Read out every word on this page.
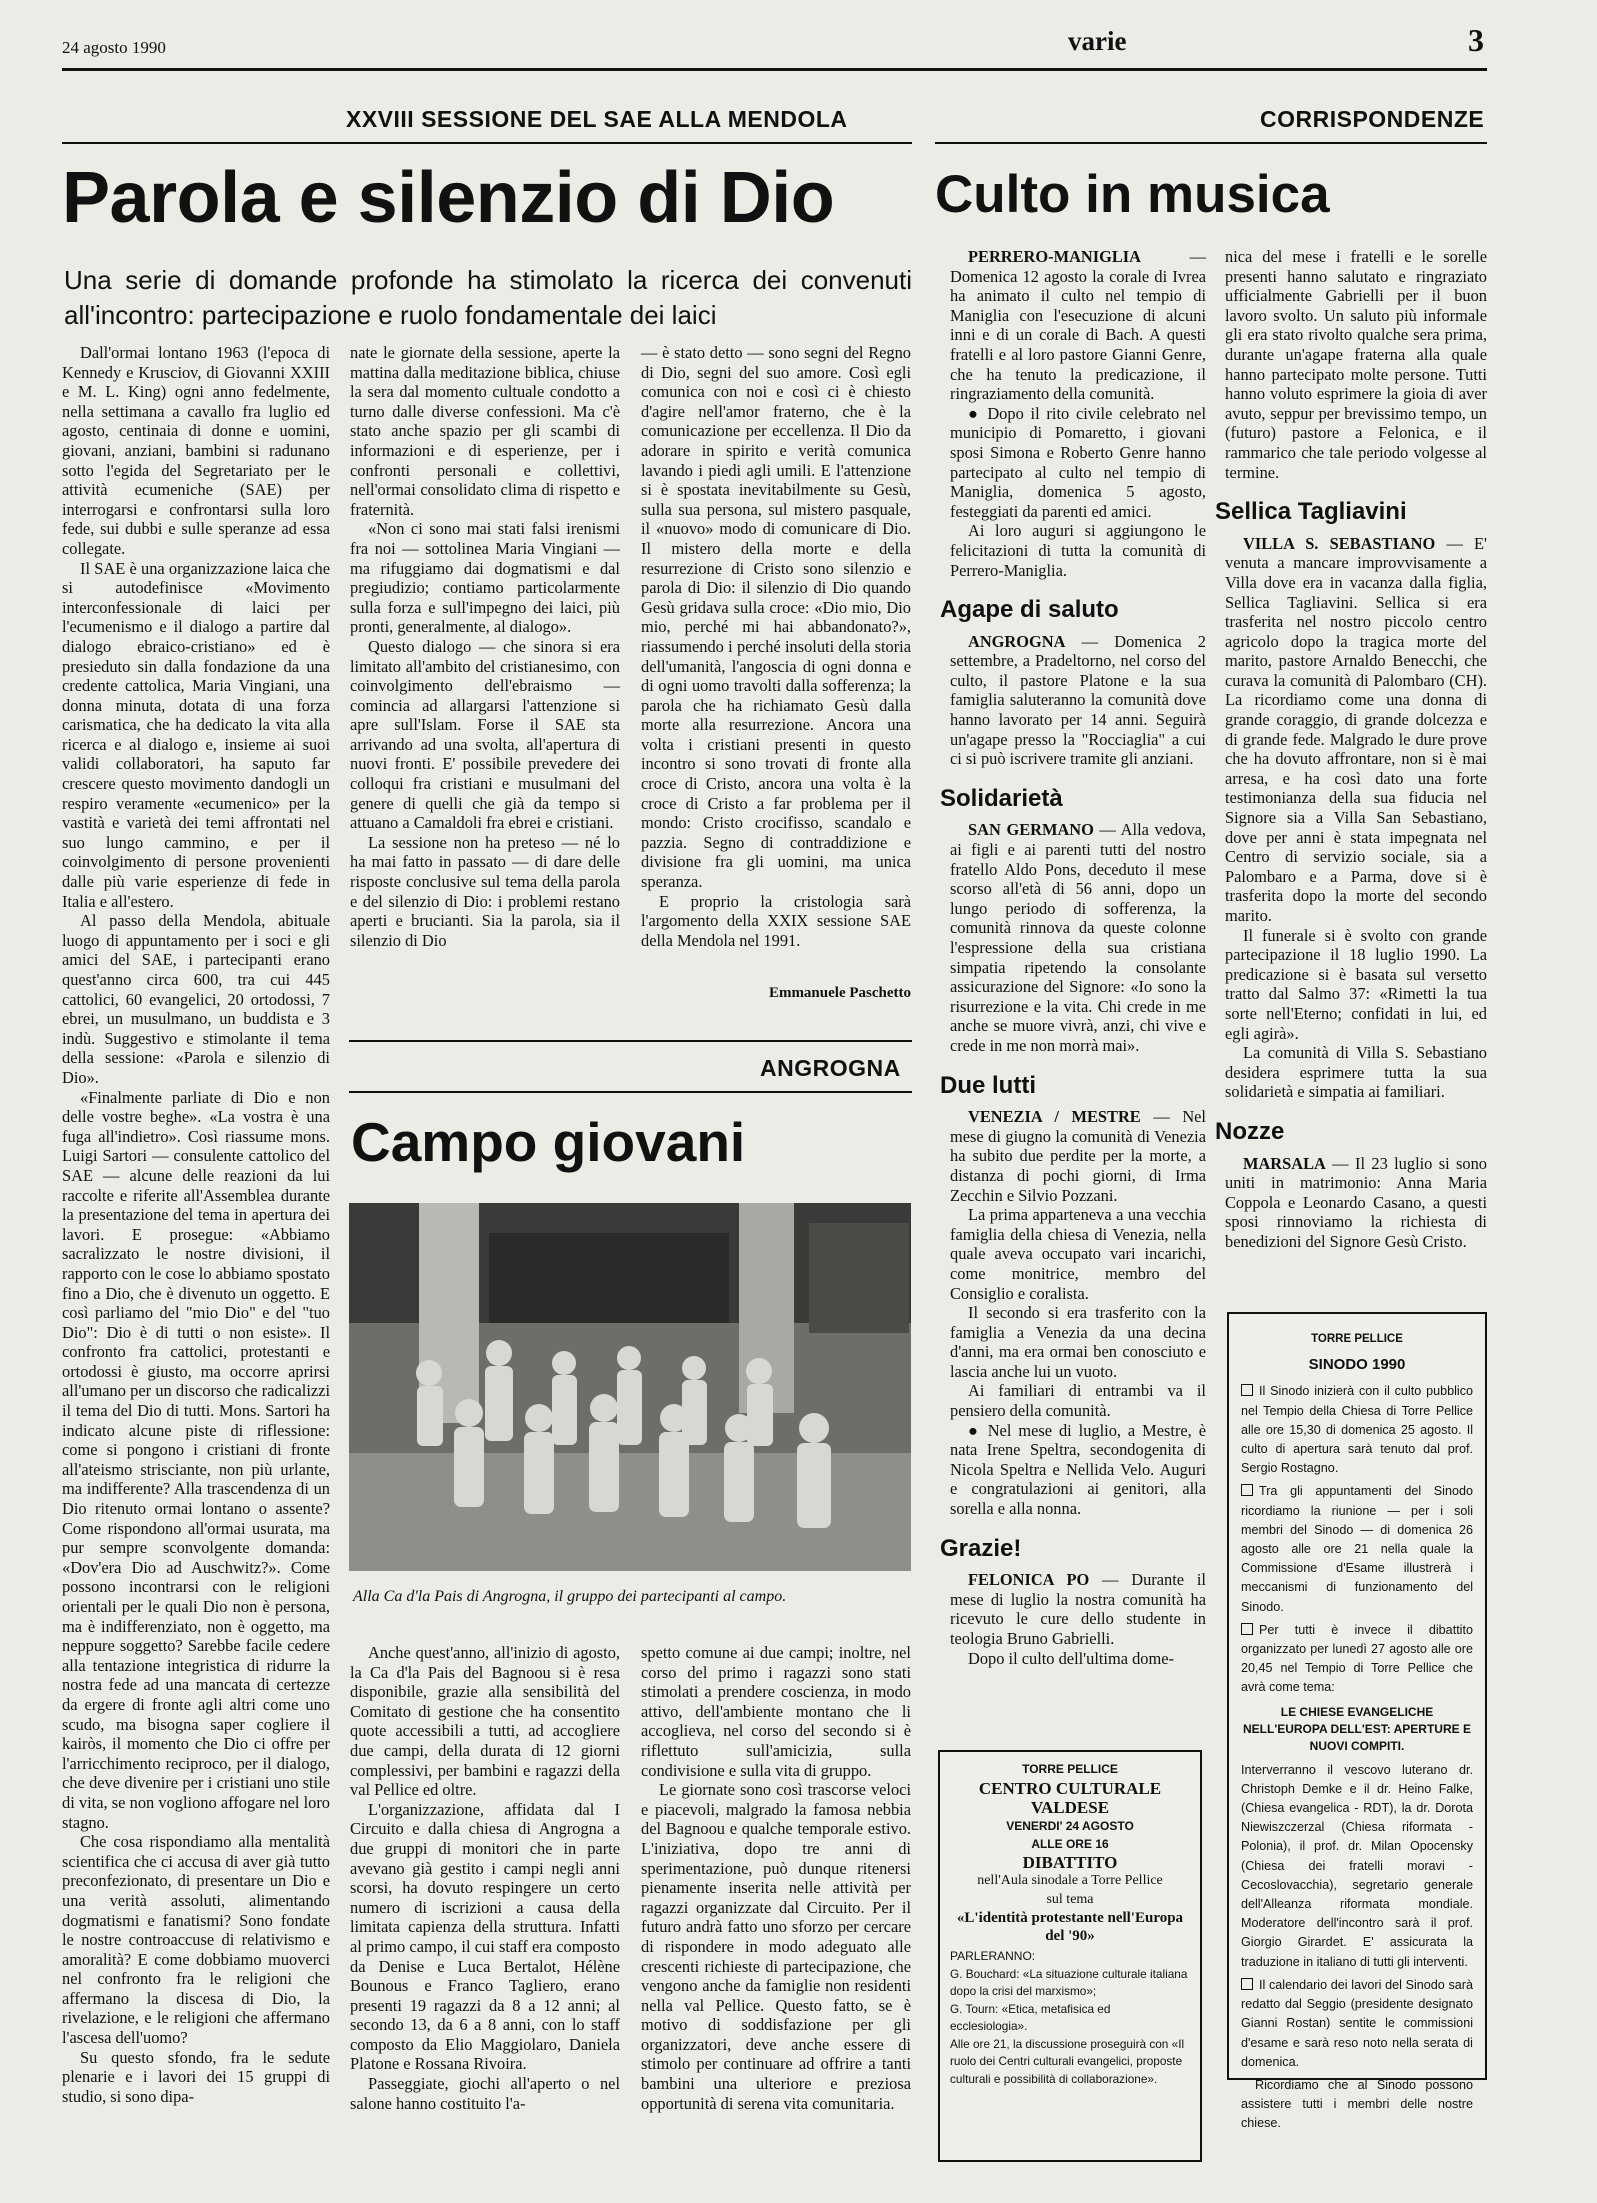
24 agosto 1990	varie	3
XXVIII SESSIONE DEL SAE ALLA MENDOLA
Parola e silenzio di Dio
Una serie di domande profonde ha stimolato la ricerca dei convenuti all'incontro: partecipazione e ruolo fondamentale dei laici

Dall'ormai lontano 1963 (l'epoca di Kennedy e Krusciov, di Giovanni XXIII e M. L. King) ogni anno fedelmente, nella settimana a cavallo fra luglio ed agosto, centinaia di donne e uomini, giovani, anziani, bambini si radunano sotto l'egida del Segretariato per le attività ecumeniche (SAE) per interrogarsi e confrontarsi sulla loro fede, sui dubbi e sulle speranze ad essa collegate.

Il SAE è una organizzazione laica che si autodefinisce «Movimento interconfessionale di laici per l'ecumenismo e il dialogo a partire dal dialogo ebraico-cristiano» ed è presieduto sin dalla fondazione da una credente cattolica, Maria Vingiani, una donna minuta, dotata di una forza carismatica, che ha dedicato la vita alla ricerca e al dialogo e, insieme ai suoi validi collaboratori, ha saputo far crescere questo movimento dandogli un respiro veramente «ecumenico» per la vastità e varietà dei temi affrontati nel suo lungo cammino, e per il coinvolgimento di persone provenienti dalle più varie esperienze di fede in Italia e all'estero.

Al passo della Mendola, abituale luogo di appuntamento per i soci e gli amici del SAE, i partecipanti erano quest'anno circa 600, tra cui 445 cattolici, 60 evangelici, 20 ortodossi, 7 ebrei, un musulmano, un buddista e 3 indù. Suggestivo e stimolante il tema della sessione: «Parola e silenzio di Dio».

«Finalmente parliate di Dio e non delle vostre beghe». «La vostra è una fuga all'indietro». Così riassume mons. Luigi Sartori — consulente cattolico del SAE — alcune delle reazioni da lui raccolte e riferite all'Assemblea durante la presentazione del tema in apertura dei lavori. E prosegue: «Abbiamo sacralizzato le nostre divisioni, il rapporto con le cose lo abbiamo spostato fino a Dio, che è divenuto un oggetto. E così parliamo del "mio Dio" e del "tuo Dio": Dio è di tutti o non esiste». Il confronto fra cattolici, protestanti e ortodossi è giusto, ma occorre aprirsi all'umano per un discorso che radicalizzi il tema del Dio di tutti. Mons. Sartori ha indicato alcune piste di riflessione: come si pongono i cristiani di fronte all'ateismo strisciante, non più urlante, ma indifferente? Alla trascendenza di un Dio ritenuto ormai lontano o assente? Come rispondono all'ormai usurata, ma pur sempre sconvolgente domanda: «Dov'era Dio ad Auschwitz?». Come possono incontrarsi con le religioni orientali per le quali Dio non è persona, ma è indifferenziato, non è oggetto, ma neppure soggetto? Sarebbe facile cedere alla tentazione integristica di ridurre la nostra fede ad una mancata di certezze da ergere di fronte agli altri come uno scudo, ma bisogna saper cogliere il kairòs, il momento che Dio ci offre per l'arricchimento reciproco, per il dialogo, che deve divenire per i cristiani uno stile di vita, se non vogliono affogare nel loro stagno.

Che cosa rispondiamo alla mentalità scientifica che ci accusa di aver già tutto preconfezionato, di presentare un Dio e una verità assoluti, alimentando dogmatismi e fanatismi? Sono fondate le nostre controaccuse di relativismo e amoralità? E come dobbiamo muoverci nel confronto fra le religioni che affermano la discesa di Dio, la rivelazione, e le religioni che affermano l'ascesa dell'uomo?

Su questo sfondo, fra le sedute plenarie e i lavori dei 15 gruppi di studio, si sono dipa-

nate le giornate della sessione, aperte la mattina dalla meditazione biblica, chiuse la sera dal momento cultuale condotto a turno dalle diverse confessioni. Ma c'è stato anche spazio per gli scambi di informazioni e di esperienze, per i confronti personali e collettivi, nell'ormai consolidato clima di rispetto e fraternità.

«Non ci sono mai stati falsi irenismi fra noi — sottolinea Maria Vingiani — ma rifuggiamo dai dogmatismi e dal pregiudizio; contiamo particolarmente sulla forza e sull'impegno dei laici, più pronti, generalmente, al dialogo».

Questo dialogo — che sinora si era limitato all'ambito del cristianesimo, con coinvolgimento dell'ebraismo — comincia ad allargarsi l'attenzione si apre sull'Islam. Forse il SAE sta arrivando ad una svolta, all'apertura di nuovi fronti. E' possibile prevedere dei colloqui fra cristiani e musulmani del genere di quelli che già da tempo si attuano a Camaldoli fra ebrei e cristiani.

La sessione non ha preteso — né lo ha mai fatto in passato — di dare delle risposte conclusive sul tema della parola e del silenzio di Dio: i problemi restano aperti e brucianti. Sia la parola, sia il silenzio di Dio

— è stato detto — sono segni del Regno di Dio, segni del suo amore. Così egli comunica con noi e così ci è chiesto d'agire nell'amor fraterno, che è la comunicazione per eccellenza. Il Dio da adorare in spirito e verità comunica lavando i piedi agli umili. E l'attenzione si è spostata inevitabilmente su Gesù, sulla sua persona, sul mistero pasquale, il «nuovo» modo di comunicare di Dio. Il mistero della morte e della resurrezione di Cristo sono silenzio e parola di Dio: il silenzio di Dio quando Gesù gridava sulla croce: «Dio mio, Dio mio, perché mi hai abbandonato?», riassumendo i perché insoluti della storia dell'umanità, l'angoscia di ogni donna e di ogni uomo travolti dalla sofferenza; la parola che ha richiamato Gesù dalla morte alla resurrezione. Ancora una volta i cristiani presenti in questo incontro si sono trovati di fronte alla croce di Cristo, ancora una volta è la croce di Cristo a far problema per il mondo: Cristo crocifisso, scandalo e pazzia. Segno di contraddizione e divisione fra gli uomini, ma unica speranza.

E proprio la cristologia sarà l'argomento della XXIX sessione SAE della Mendola nel 1991.

Emmanuele Paschetto
ANGROGNA
Campo giovani
Alla Ca d'la Pais di Angrogna, il gruppo dei partecipanti al campo.

Anche quest'anno, all'inizio di agosto, la Ca d'la Pais del Bagnoou si è resa disponibile, grazie alla sensibilità del Comitato di gestione che ha consentito quote accessibili a tutti, ad accogliere due campi, della durata di 12 giorni complessivi, per bambini e ragazzi della val Pellice ed oltre.

L'organizzazione, affidata dal I Circuito e dalla chiesa di Angrogna a due gruppi di monitori che in parte avevano già gestito i campi negli anni scorsi, ha dovuto respingere un certo numero di iscrizioni a causa della limitata capienza della struttura. Infatti al primo campo, il cui staff era composto da Denise e Luca Bertalot, Hélène Bounous e Franco Tagliero, erano presenti 19 ragazzi da 8 a 12 anni; al secondo 13, da 6 a 8 anni, con lo staff composto da Elio Maggiolaro, Daniela Platone e Rossana Rivoira.

Passeggiate, giochi all'aperto o nel salone hanno costituito l'a-

spetto comune ai due campi; inoltre, nel corso del primo i ragazzi sono stati stimolati a prendere coscienza, in modo attivo, dell'ambiente montano che li accoglieva, nel corso del secondo si è riflettuto sull'amicizia, sulla condivisione e sulla vita di gruppo.

Le giornate sono così trascorse veloci e piacevoli, malgrado la famosa nebbia del Bagnoou e qualche temporale estivo. L'iniziativa, dopo tre anni di sperimentazione, può dunque ritenersi pienamente inserita nelle attività per ragazzi organizzate dal Circuito. Per il futuro andrà fatto uno sforzo per cercare di rispondere in modo adeguato alle crescenti richieste di partecipazione, che vengono anche da famiglie non residenti nella val Pellice. Questo fatto, se è motivo di soddisfazione per gli organizzatori, deve anche essere di stimolo per continuare ad offrire a tanti bambini una ulteriore e preziosa opportunità di serena vita comunitaria.

CORRISPONDENZE
Culto in musica

PERRERO-MANIGLIA — Domenica 12 agosto la corale di Ivrea ha animato il culto nel tempio di Maniglia con l'esecuzione di alcuni inni e di un corale di Bach. A questi fratelli e al loro pastore Gianni Genre, che ha tenuto la predicazione, il ringraziamento della comunità.

● Dopo il rito civile celebrato nel municipio di Pomaretto, i giovani sposi Simona e Roberto Genre hanno partecipato al culto nel tempio di Maniglia, domenica 5 agosto, festeggiati da parenti ed amici.

Ai loro auguri si aggiungono le felicitazioni di tutta la comunità di Perrero-Maniglia.

Agape di saluto

ANGROGNA — Domenica 2 settembre, a Pradeltorno, nel corso del culto, il pastore Platone e la sua famiglia saluteranno la comunità dove hanno lavorato per 14 anni. Seguirà un'agape presso la "Rocciaglia" a cui ci si può iscrivere tramite gli anziani.

Solidarietà

SAN GERMANO — Alla vedova, ai figli e ai parenti tutti del nostro fratello Aldo Pons, deceduto il mese scorso all'età di 56 anni, dopo un lungo periodo di sofferenza, la comunità rinnova da queste colonne l'espressione della sua cristiana simpatia ripetendo la consolante assicurazione del Signore: «Io sono la risurrezione e la vita. Chi crede in me anche se muore vivrà, anzi, chi vive e crede in me non morrà mai».

Due lutti

VENEZIA / MESTRE — Nel mese di giugno la comunità di Venezia ha subito due perdite per la morte, a distanza di pochi giorni, di Irma Zecchin e Silvio Pozzani.

La prima apparteneva a una vecchia famiglia della chiesa di Venezia, nella quale aveva occupato vari incarichi, come monitrice, membro del Consiglio e coralista.

Il secondo si era trasferito con la famiglia a Venezia da una decina d'anni, ma era ormai ben conosciuto e lascia anche lui un vuoto.

Ai familiari di entrambi va il pensiero della comunità.

● Nel mese di luglio, a Mestre, è nata Irene Speltra, secondogenita di Nicola Speltra e Nellida Velo. Auguri e congratulazioni ai genitori, alla sorella e alla nonna.

Grazie!

FELONICA PO — Durante il mese di luglio la nostra comunità ha ricevuto le cure dello studente in teologia Bruno Gabrielli.

Dopo il culto dell'ultima dome-

nica del mese i fratelli e le sorelle presenti hanno salutato e ringraziato ufficialmente Gabrielli per il buon lavoro svolto. Un saluto più informale gli era stato rivolto qualche sera prima, durante un'agape fraterna alla quale hanno partecipato molte persone. Tutti hanno voluto esprimere la gioia di aver avuto, seppur per brevissimo tempo, un (futuro) pastore a Felonica, e il rammarico che tale periodo volgesse al termine.

Sellica Tagliavini

VILLA S. SEBASTIANO — E' venuta a mancare improvvisamente a Villa dove era in vacanza dalla figlia, Sellica Tagliavini. Sellica si era trasferita nel nostro piccolo centro agricolo dopo la tragica morte del marito, pastore Arnaldo Benecchi, che curava la comunità di Palombaro (CH). La ricordiamo come una donna di grande coraggio, di grande dolcezza e di grande fede. Malgrado le dure prove che ha dovuto affrontare, non si è mai arresa, e ha così dato una forte testimonianza della sua fiducia nel Signore sia a Villa San Sebastiano, dove per anni è stata impegnata nel Centro di servizio sociale, sia a Palombaro e a Parma, dove si è trasferita dopo la morte del secondo marito.

Il funerale si è svolto con grande partecipazione il 18 luglio 1990. La predicazione si è basata sul versetto tratto dal Salmo 37: «Rimetti la tua sorte nell'Eterno; confidati in lui, ed egli agirà».

La comunità di Villa S. Sebastiano desidera esprimere tutta la sua solidarietà e simpatia ai familiari.

Nozze

MARSALA — Il 23 luglio si sono uniti in matrimonio: Anna Maria Coppola e Leonardo Casano, a questi sposi rinnoviamo la richiesta di benedizioni del Signore Gesù Cristo.

TORRE PELLICE
CENTRO CULTURALE VALDESE
VENERDI' 24 AGOSTO
ALLE ORE 16
DIBATTITO
nell'Aula sinodale a Torre Pellice
sul tema
«L'identità protestante nell'Europa del '90»
PARLERANNO:

G. Bouchard: «La situazione culturale italiana dopo la crisi del marxismo»;

G. Tourn: «Etica, metafisica ed ecclesiologia».

Alle ore 21, la discussione proseguirà con «Il ruolo dei Centri culturali evangelici, proposte culturali e possibilità di collaborazione».

TORRE PELLICE
SINODO 1990

Il Sinodo inizierà con il culto pubblico nel Tempio della Chiesa di Torre Pellice alle ore 15,30 di domenica 25 agosto. Il culto di apertura sarà tenuto dal prof. Sergio Rostagno.

Tra gli appuntamenti del Sinodo ricordiamo la riunione — per i soli membri del Sinodo — di domenica 26 agosto alle ore 21 nella quale la Commissione d'Esame illustrerà i meccanismi di funzionamento del Sinodo.

Per tutti è invece il dibattito organizzato per lunedì 27 agosto alle ore 20,45 nel Tempio di Torre Pellice che avrà come tema:

LE CHIESE EVANGELICHE NELL'EUROPA DELL'EST: APERTURE E NUOVI COMPITI.

Interverranno il vescovo luterano dr. Christoph Demke e il dr. Heino Falke, (Chiesa evangelica - RDT), la dr. Dorota Niewiszczerzal (Chiesa riformata - Polonia), il prof. dr. Milan Opocensky (Chiesa dei fratelli moravi - Cecoslovacchia), segretario generale dell'Alleanza riformata mondiale. Moderatore dell'incontro sarà il prof. Giorgio Girardet. E' assicurata la traduzione in italiano di tutti gli interventi.

Il calendario dei lavori del Sinodo sarà redatto dal Seggio (presidente designato Gianni Rostan) sentite le commissioni d'esame e sarà reso noto nella serata di domenica.

Ricordiamo che al Sinodo possono assistere tutti i membri delle nostre chiese.
